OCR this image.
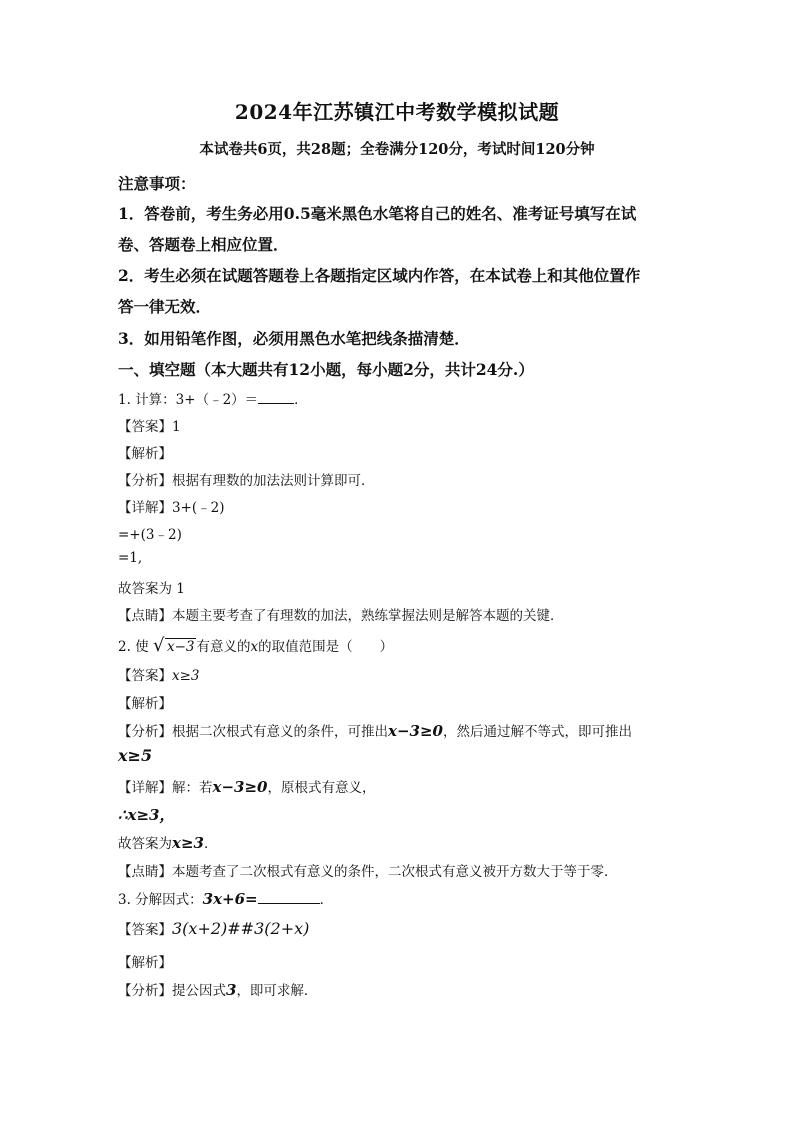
2024年江苏镇江中考数学模拟试题
本试卷共6页，共28题；全卷满分120分，考试时间120分钟
注意事项：
1．答卷前，考生务必用0.5毫米黑色水笔将自己的姓名、准考证号填写在试
卷、答题卷上相应位置．
2．考生必须在试题答题卷上各题指定区域内作答，在本试卷上和其他位置作
答一律无效．
3．如用铅笔作图，必须用黑色水笔把线条描清楚．
一、填空题（本大题共有12小题，每小题2分，共计24分.）
1. 计算：3+（﹣2）＝	．
【答案】1
【解析】
【分析】根据有理数的加法法则计算即可．
【详解】3+(﹣2)
=+(3﹣2)
=1,
故答案为 1
【点睛】本题主要考查了有理数的加法，熟练掌握法则是解答本题的关键．
2. 使 √ x−3 有意义的x的取值范围是（　　）
【答案】x≥3
【解析】
【分析】根据二次根式有意义的条件，可推出x−3≥0，然后通过解不等式，即可推出
x≥5
【详解】解：若x−3≥0，原根式有意义，
∴x≥3，
故答案为x≥3．
【点睛】本题考查了二次根式有意义的条件，二次根式有意义被开方数大于等于零．
3. 分解因式：3x+6=	．
【答案】3(x+2)##3(2+x)
【解析】
【分析】提公因式3，即可求解．
